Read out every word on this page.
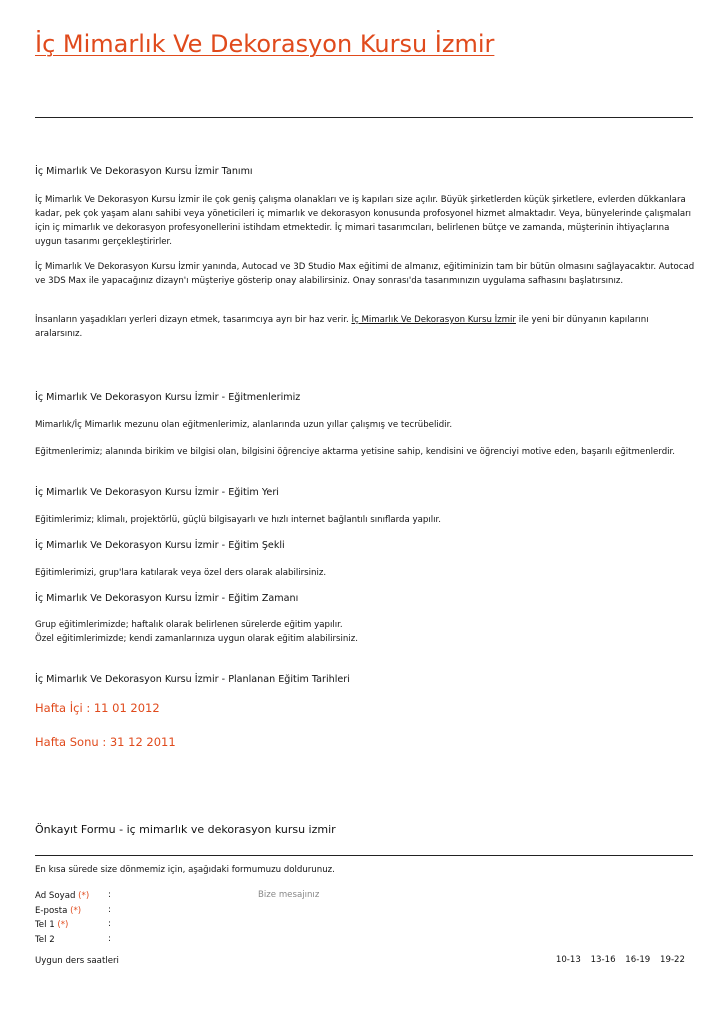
İç Mimarlık Ve Dekorasyon Kursu İzmir
İç Mimarlık Ve Dekorasyon Kursu İzmir Tanımı
İç Mimarlık Ve Dekorasyon Kursu İzmir ile çok geniş çalışma olanakları ve iş kapıları size açılır. Büyük şirketlerden küçük şirketlere, evlerden dükkanlara kadar, pek çok yaşam alanı sahibi veya yöneticileri iç mimarlık ve dekorasyon konusunda profosyonel hizmet almaktadır. Veya, bünyelerinde çalışmaları için iç mimarlık ve dekorasyon profesyonellerini istihdam etmektedir. İç mimari tasarımcıları, belirlenen bütçe ve zamanda, müşterinin ihtiyaçlarına uygun tasarımı gerçekleştirirler.
İç Mimarlık Ve Dekorasyon Kursu İzmir yanında, Autocad ve 3D Studio Max eğitimi de almanız, eğitiminizin tam bir bütün olmasını sağlayacaktır. Autocad ve 3DS Max ile yapacağınız dizayn'ı müşteriye gösterip onay alabilirsiniz. Onay sonrası'da tasarımınızın uygulama safhasını başlatırsınız.
İnsanların yaşadıkları yerleri dizayn etmek, tasarımcıya ayrı bir haz verir. İç Mimarlık Ve Dekorasyon Kursu İzmir ile yeni bir dünyanın kapılarını aralarsınız.
İç Mimarlık Ve Dekorasyon Kursu İzmir - Eğitmenlerimiz
Mimarlık/İç Mimarlık mezunu olan eğitmenlerimiz, alanlarında uzun yıllar çalışmış ve tecrübelidir.
Eğitmenlerimiz; alanında birikim ve bilgisi olan, bilgisini öğrenciye aktarma yetisine sahip, kendisini ve öğrenciyi motive eden, başarılı eğitmenlerdir.
İç Mimarlık Ve Dekorasyon Kursu İzmir - Eğitim Yeri
Eğitimlerimiz; klimalı, projektörlü, güçlü bilgisayarlı ve hızlı internet bağlantılı sınıflarda yapılır.
İç Mimarlık Ve Dekorasyon Kursu İzmir - Eğitim Şekli
Eğitimlerimizi, grup'lara katılarak veya özel ders olarak alabilirsiniz.
İç Mimarlık Ve Dekorasyon Kursu İzmir - Eğitim Zamanı
Grup eğitimlerimizde; haftalık olarak belirlenen sürelerde eğitim yapılır.
Özel eğitimlerimizde; kendi zamanlarınıza uygun olarak eğitim alabilirsiniz.
İç Mimarlık Ve Dekorasyon Kursu İzmir - Planlanan Eğitim Tarihleri
Hafta İçi : 11 01 2012
Hafta Sonu : 31 12 2011
Önkayıt Formu - iç mimarlık ve dekorasyon kursu izmir
En kısa sürede size dönmemiz için, aşağıdaki formumuzu doldurunuz.
Ad Soyad (*) :	Bize mesajınız
E-posta (*)	:
Tel 1 (*)	:
Tel 2	:
Uygun ders saatleri	10-13 13-16 16-19 19-22
